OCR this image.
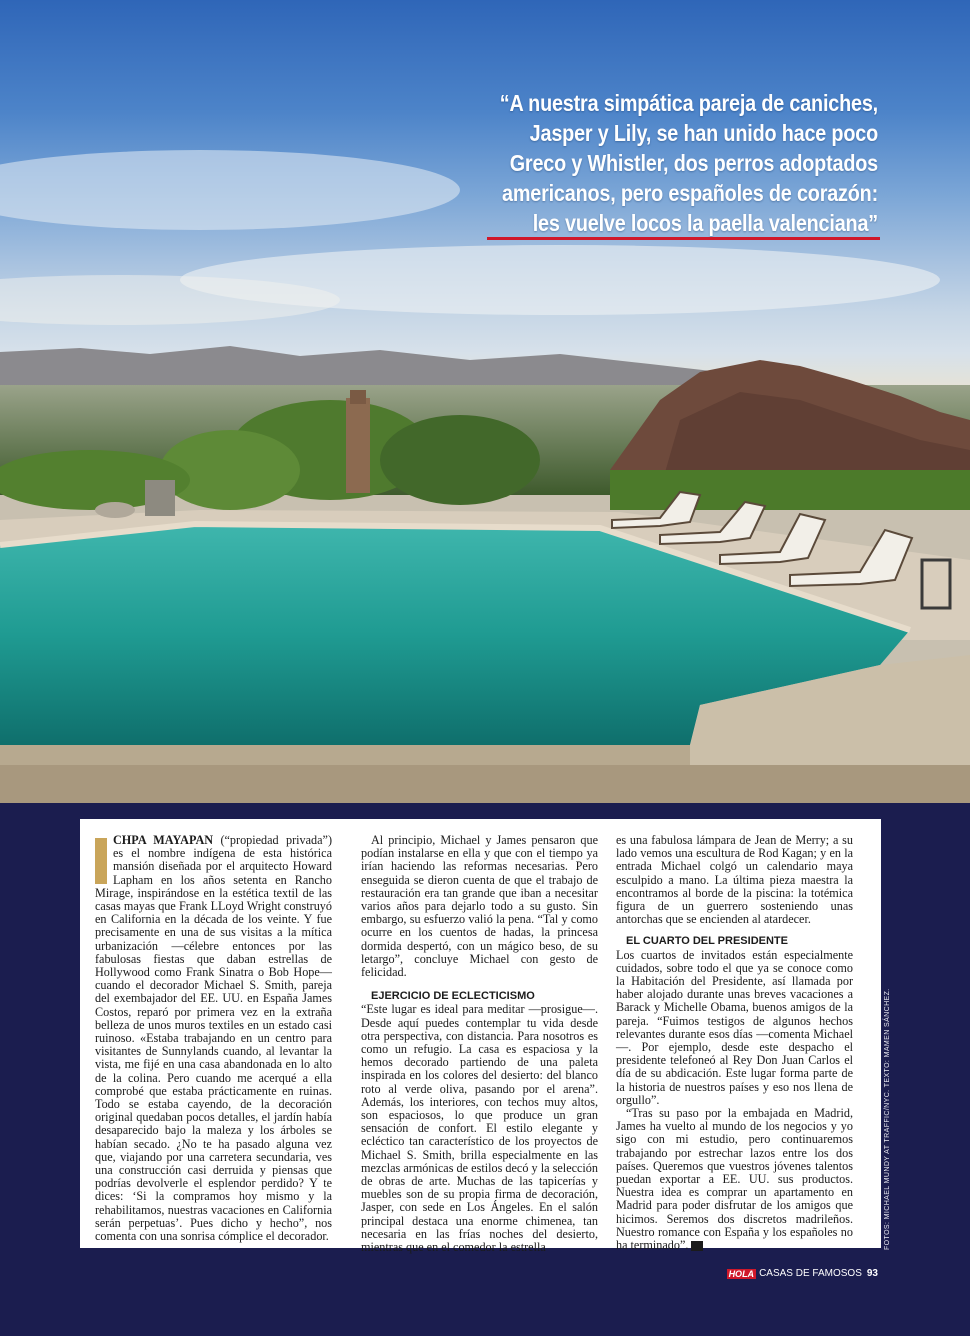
“A nuestra simpática pareja de caniches,
Jasper y Lily, se han unido hace poco
Greco y Whistler, dos perros adoptados
americanos, pero españoles de corazón:
les vuelve locos la paella valenciana”

CHPA MAYAPAN (“propiedad privada”) es el nombre indígena de esta histórica mansión diseñada por el arquitecto Howard Lapham en los años setenta en Rancho Mirage, inspirándose en la estética textil de las casas mayas que Frank LLoyd Wright construyó en California en la década de los veinte. Y fue precisamente en una de sus visitas a la mítica urbanización —célebre entonces por las fabulosas fiestas que daban estrellas de Hollywood como Frank Sinatra o Bob Hope— cuando el decorador Michael S. Smith, pareja del exembajador del EE. UU. en España James Costos, reparó por primera vez en la extraña belleza de unos muros textiles en un estado casi ruinoso. «Estaba trabajando en un centro para visitantes de Sunnylands cuando, al levantar la vista, me fijé en una casa abandonada en lo alto de la colina. Pero cuando me acerqué a ella comprobé que estaba prácticamente en ruinas. Todo se estaba cayendo, de la decoración original quedaban pocos detalles, el jardín había desaparecido bajo la maleza y los árboles se habían secado. ¿No te ha pasado alguna vez que, viajando por una carretera secundaria, ves una construcción casi derruida y piensas que podrías devolverle el esplendor perdido? Y te dices: ‘Si la compramos hoy mismo y la rehabilitamos, nuestras vacaciones en California serán perpetuas’. Pues dicho y hecho”, nos comenta con una sonrisa cómplice el decorador.

Al principio, Michael y James pensaron que podían instalarse en ella y que con el tiempo ya irían haciendo las reformas necesarias. Pero enseguida se dieron cuenta de que el trabajo de restauración era tan grande que iban a necesitar varios años para dejarlo todo a su gusto. Sin embargo, su esfuerzo valió la pena. “Tal y como ocurre en los cuentos de hadas, la princesa dormida despertó, con un mágico beso, de su letargo”, concluye Michael con gesto de felicidad.

EJERCICIO DE ECLECTICISMO

“Este lugar es ideal para meditar —prosigue—. Desde aquí puedes contemplar tu vida desde otra perspectiva, con distancia. Para nosotros es como un refugio. La casa es espaciosa y la hemos decorado partiendo de una paleta inspirada en los colores del desierto: del blanco roto al verde oliva, pasando por el arena”. Además, los interiores, con techos muy altos, son espaciosos, lo que produce un gran sensación de confort. El estilo elegante y ecléctico tan característico de los proyectos de Michael S. Smith, brilla especialmente en las mezclas armónicas de estilos decó y la selección de obras de arte. Muchas de las tapicerías y muebles son de su propia firma de decoración, Jasper, con sede en Los Ángeles. En el salón principal destaca una enorme chimenea, tan necesaria en las frías noches del desierto, mientras que en el comedor la estrella

es una fabulosa lámpara de Jean de Merry; a su lado vemos una escultura de Rod Kagan; y en la entrada Michael colgó un calendario maya esculpido a mano. La última pieza maestra la encontramos al borde de la piscina: la totémica figura de un guerrero sosteniendo unas antorchas que se encienden al atardecer.

EL CUARTO DEL PRESIDENTE

Los cuartos de invitados están especialmente cuidados, sobre todo el que ya se conoce como la Habitación del Presidente, así llamada por haber alojado durante unas breves vacaciones a Barack y Michelle Obama, buenos amigos de la pareja. “Fuimos testigos de algunos hechos relevantes durante esos días —comenta Michael—. Por ejemplo, desde este despacho el presidente telefoneó al Rey Don Juan Carlos el día de su abdicación. Este lugar forma parte de la historia de nuestros países y eso nos llena de orgullo”.

“Tras su paso por la embajada en Madrid, James ha vuelto al mundo de los negocios y yo sigo con mi estudio, pero continuaremos trabajando por estrechar lazos entre los dos países. Queremos que vuestros jóvenes talentos puedan exportar a EE. UU. sus productos. Nuestra idea es comprar un apartamento en Madrid para poder disfrutar de los amigos que hicimos. Seremos dos discretos madrileños. Nuestro romance con España y los españoles no ha terminado”.	FOTOS: MICHAEL MUNDY AT TRAFFIC/NYC. TEXTO: MAMEN SÁNCHEZ.
HOLA CASAS DE FAMOSOS 93
